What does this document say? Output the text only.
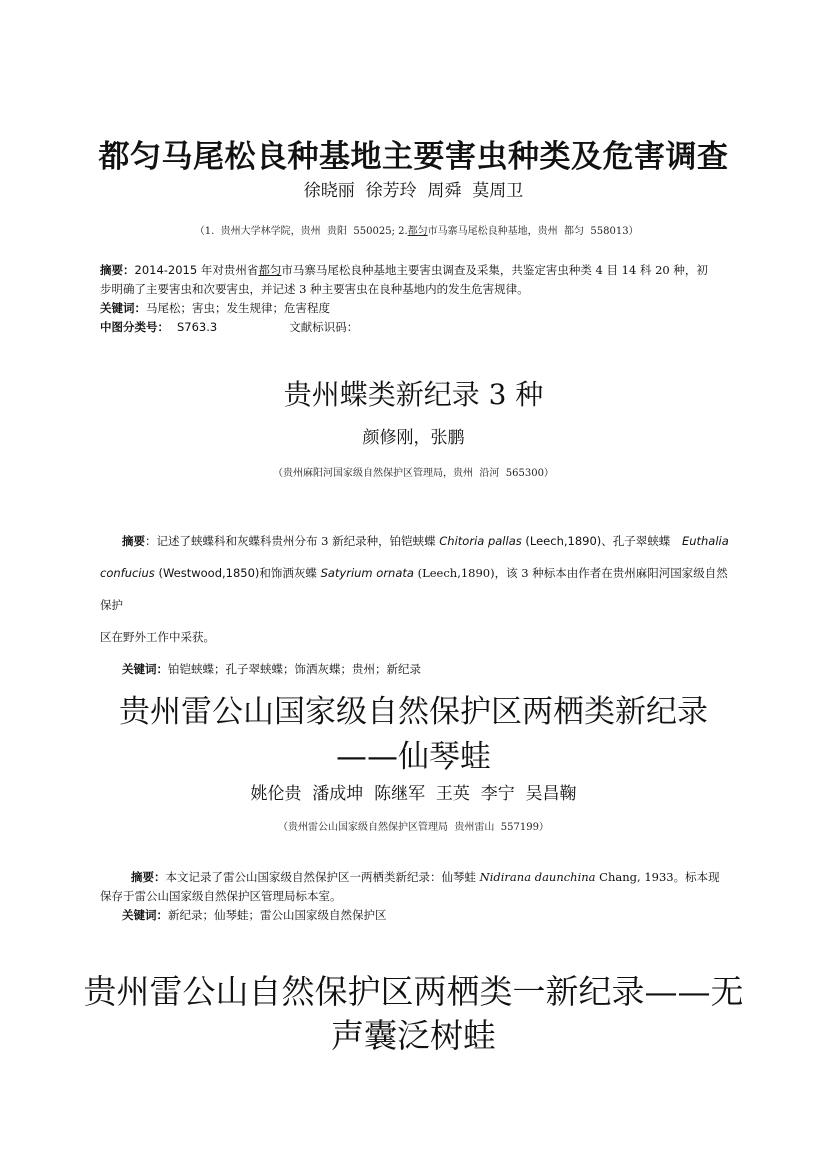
都匀马尾松良种基地主要害虫种类及危害调查
徐晓丽  徐芳玲  周舜  莫周卫

（1.  贵州大学林学院，贵州  贵阳  550025; 2.都匀市马寨马尾松良种基地，贵州  都匀  558013）

摘要：2014-2015 年对贵州省都匀市马寨马尾松良种基地主要害虫调查及采集，共鉴定害虫种类 4 目 14 科 20 种，初
步明确了主要害虫和次要害虫，并记述 3 种主要害虫在良种基地内的发生危害规律。
关键词：马尾松；害虫；发生规律；危害程度
中图分类号： S763.3	文献标识码：
贵州蝶类新纪录 3 种
颜修刚，张鹏
（贵州麻阳河国家级自然保护区管理局，贵州  沿河  565300）
摘要：记述了蛱蝶科和灰蝶科贵州分布 3 新纪录种，铂铠蛱蝶 Chitoria pallas (Leech,1890)、孔子翠蛱蝶 Euthalia
confucius (Westwood,1850)和饰洒灰蝶 Satyrium ornata (Leech,1890)，该 3 种标本由作者在贵州麻阳河国家级自然保护
区在野外工作中采获。
关键词：铂铠蛱蝶；孔子翠蛱蝶；饰洒灰蝶；贵州；新纪录
贵州雷公山国家级自然保护区两栖类新纪录
——仙琴蛙
姚伦贵  潘成坤  陈继军  王英  李宁  吴昌鞠
（贵州雷公山国家级自然保护区管理局  贵州雷山  557199）
摘要：本文记录了雷公山国家级自然保护区一两栖类新纪录：仙琴蛙 Nidirana daunchina Chang, 1933。标本现
保存于雷公山国家级自然保护区管理局标本室。
关键词：新纪录；仙琴蛙；雷公山国家级自然保护区
贵州雷公山自然保护区两栖类一新纪录——无
声囊泛树蛙
